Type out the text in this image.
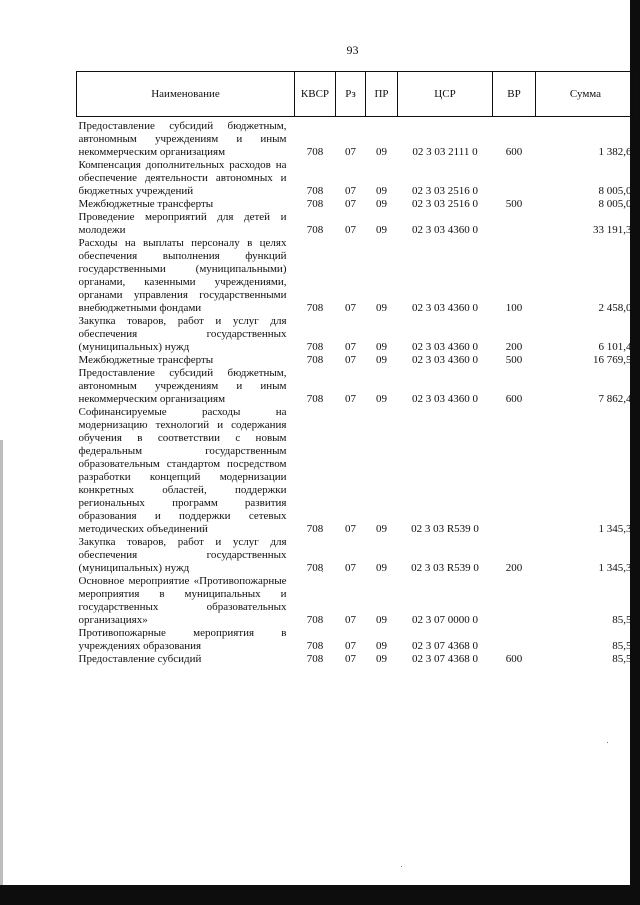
93
Наименование	КВСР	Рз	ПР	ЦСР	ВР	Сумма
Предоставление субсидий бюджетным, автономным учреждениям и иным некоммерческим организациям	708	07	09	02 3 03 2111 0	600	1 382,6
Компенсация дополнительных расходов на обеспечение деятельности автономных и бюджетных учреждений	708	07	09	02 3 03 2516 0		8 005,0
Межбюджетные трансферты	708	07	09	02 3 03 2516 0	500	8 005,0
Проведение мероприятий для детей и молодежи	708	07	09	02 3 03 4360 0		33 191,3
Расходы на выплаты персоналу в целях обеспечения выполнения функций государственными (муниципальными) органами, казенными учреждениями, органами управления государственными внебюджетными фондами	708	07	09	02 3 03 4360 0	100	2 458,0
Закупка товаров, работ и услуг для обеспечения государственных (муниципальных) нужд	708	07	09	02 3 03 4360 0	200	6 101,4
Межбюджетные трансферты	708	07	09	02 3 03 4360 0	500	16 769,5
Предоставление субсидий бюджетным, автономным учреждениям и иным некоммерческим организациям	708	07	09	02 3 03 4360 0	600	7 862,4
Софинансируемые расходы на модернизацию технологий и содержания обучения в соответствии с новым федеральным государственным образовательным стандартом посредством разработки концепций модернизации конкретных областей, поддержки региональных программ развития образования и поддержки сетевых методических объединений	708	07	09	02 3 03 R539 0		1 345,3
Закупка товаров, работ и услуг для обеспечения государственных (муниципальных) нужд	708	07	09	02 3 03 R539 0	200	1 345,3
Основное мероприятие «Противопожарные мероприятия в муниципальных и государственных образовательных организациях»	708	07	09	02 3 07 0000 0		85,5
Противопожарные мероприятия в учреждениях образования	708	07	09	02 3 07 4368 0		85,5
Предоставление субсидий	708	07	09	02 3 07 4368 0	600	85,5
